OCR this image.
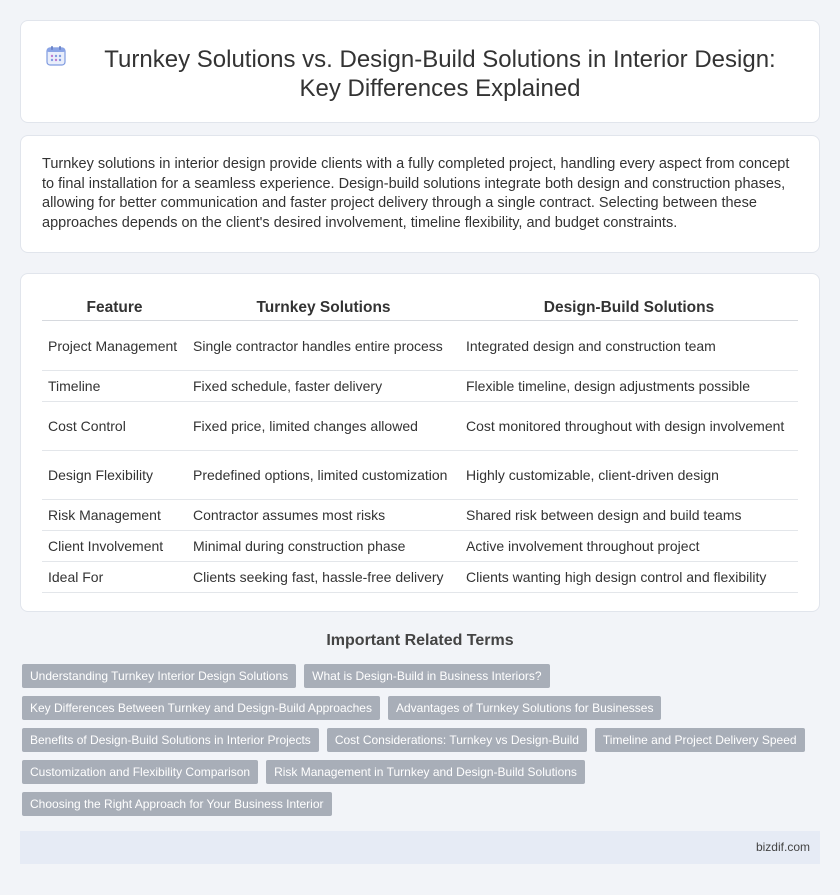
Turnkey Solutions vs. Design-Build Solutions in Interior Design: Key Differences Explained

Turnkey solutions in interior design provide clients with a fully completed project, handling every aspect from concept to final installation for a seamless experience. Design-build solutions integrate both design and construction phases, allowing for better communication and faster project delivery through a single contract. Selecting between these approaches depends on the client's desired involvement, timeline flexibility, and budget constraints.

Feature	Turnkey Solutions	Design-Build Solutions
Project Management	Single contractor handles entire process	Integrated design and construction team
Timeline	Fixed schedule, faster delivery	Flexible timeline, design adjustments possible
Cost Control	Fixed price, limited changes allowed	Cost monitored throughout with design involvement
Design Flexibility	Predefined options, limited customization	Highly customizable, client-driven design
Risk Management	Contractor assumes most risks	Shared risk between design and build teams
Client Involvement	Minimal during construction phase	Active involvement throughout project
Ideal For	Clients seeking fast, hassle-free delivery	Clients wanting high design control and flexibility
Important Related Terms
Understanding Turnkey Interior Design Solutions	What is Design-Build in Business Interiors?
Key Differences Between Turnkey and Design-Build Approaches	Advantages of Turnkey Solutions for Businesses
Benefits of Design-Build Solutions in Interior Projects	Cost Considerations: Turnkey vs Design-Build	Timeline and Project Delivery Speed
Customization and Flexibility Comparison	Risk Management in Turnkey and Design-Build Solutions
Choosing the Right Approach for Your Business Interior
bizdif.com
